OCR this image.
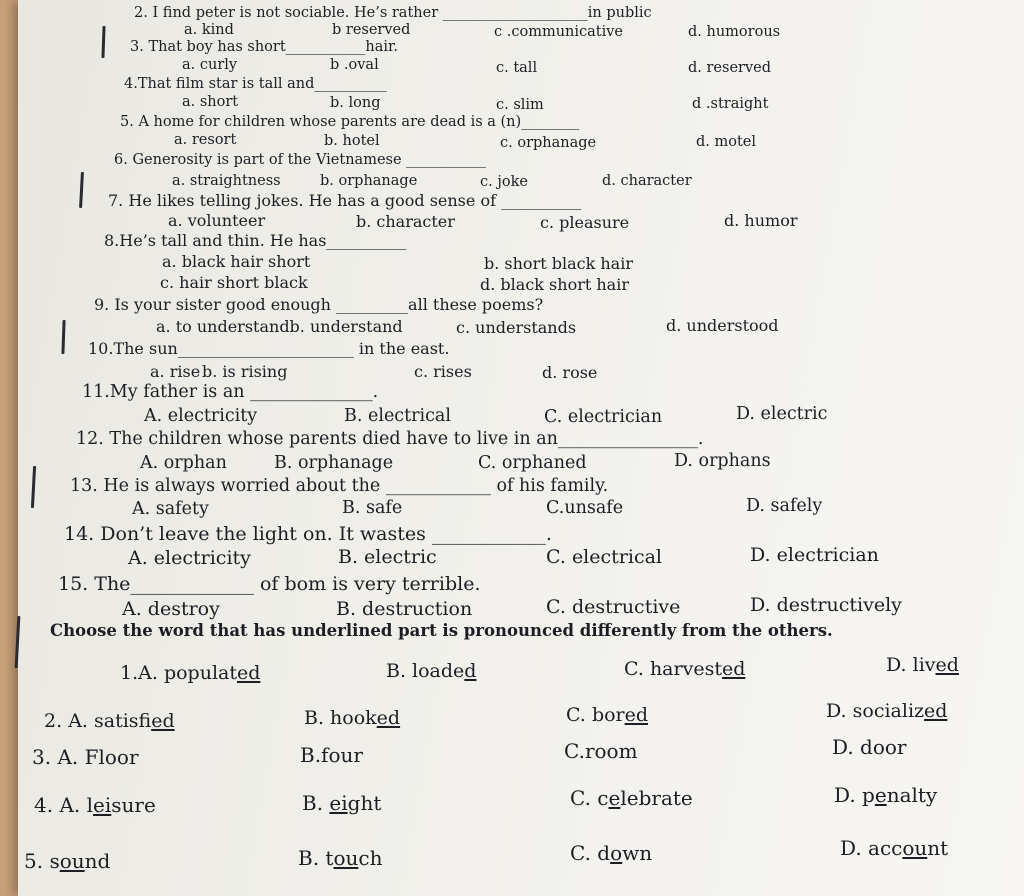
2. I find peter is not sociable. He’s rather ____________________in public
a. kind	b reserved	c .communicative	d. humorous
3. That boy has short___________hair.
a. curly	b .oval	c. tall	d. reserved
4.That film star is tall and__________
a. short	b. long	c. slim	d .straight
5. A home for children whose parents are dead is a (n)________
a. resort	b. hotel	c. orphanage	d. motel
6. Generosity is part of the Vietnamese ___________
a. straightness	b. orphanage	c. joke	d. character
7. He likes telling jokes. He has a good sense of __________
a. volunteer	b. character	c. pleasure	d. humor
8.He’s tall and thin. He has__________
a. black hair short	b. short black hair
c. hair short black	d. black short hair
9. Is your sister good enough _________all these poems?
a. to understandb. understand	c. understands	d. understood
10.The sun______________________ in the east.
a. rise b. is rising	c. rises	d. rose
11.My father is an ______________.
A. electricity	B. electrical	C. electrician	D. electric
12. The children whose parents died have to live in an________________.
A. orphan	B. orphanage	C. orphaned	D. orphans
13. He is always worried about the ____________ of his family.
A. safety	B. safe	C.unsafe	D. safely
14. Don’t leave the light on. It wastes ____________.
A. electricity	B. electric	C. electrical	D. electrician
15. The_____________ of bom is very terrible.
A. destroy	B. destruction	C. destructive	D. destructively
Choose the word that has underlined part is pronounced differently from the others.
1.A. populated	B. loaded	C. harvested	D. lived
2. A. satisfied	B. hooked	C. bored	D. socialized
3. A. Floor	B.four	C.room	D. door
4. A. leisure	B. eight	C. celebrate	D. penalty
5. sound	B. touch	C. down	D. account
